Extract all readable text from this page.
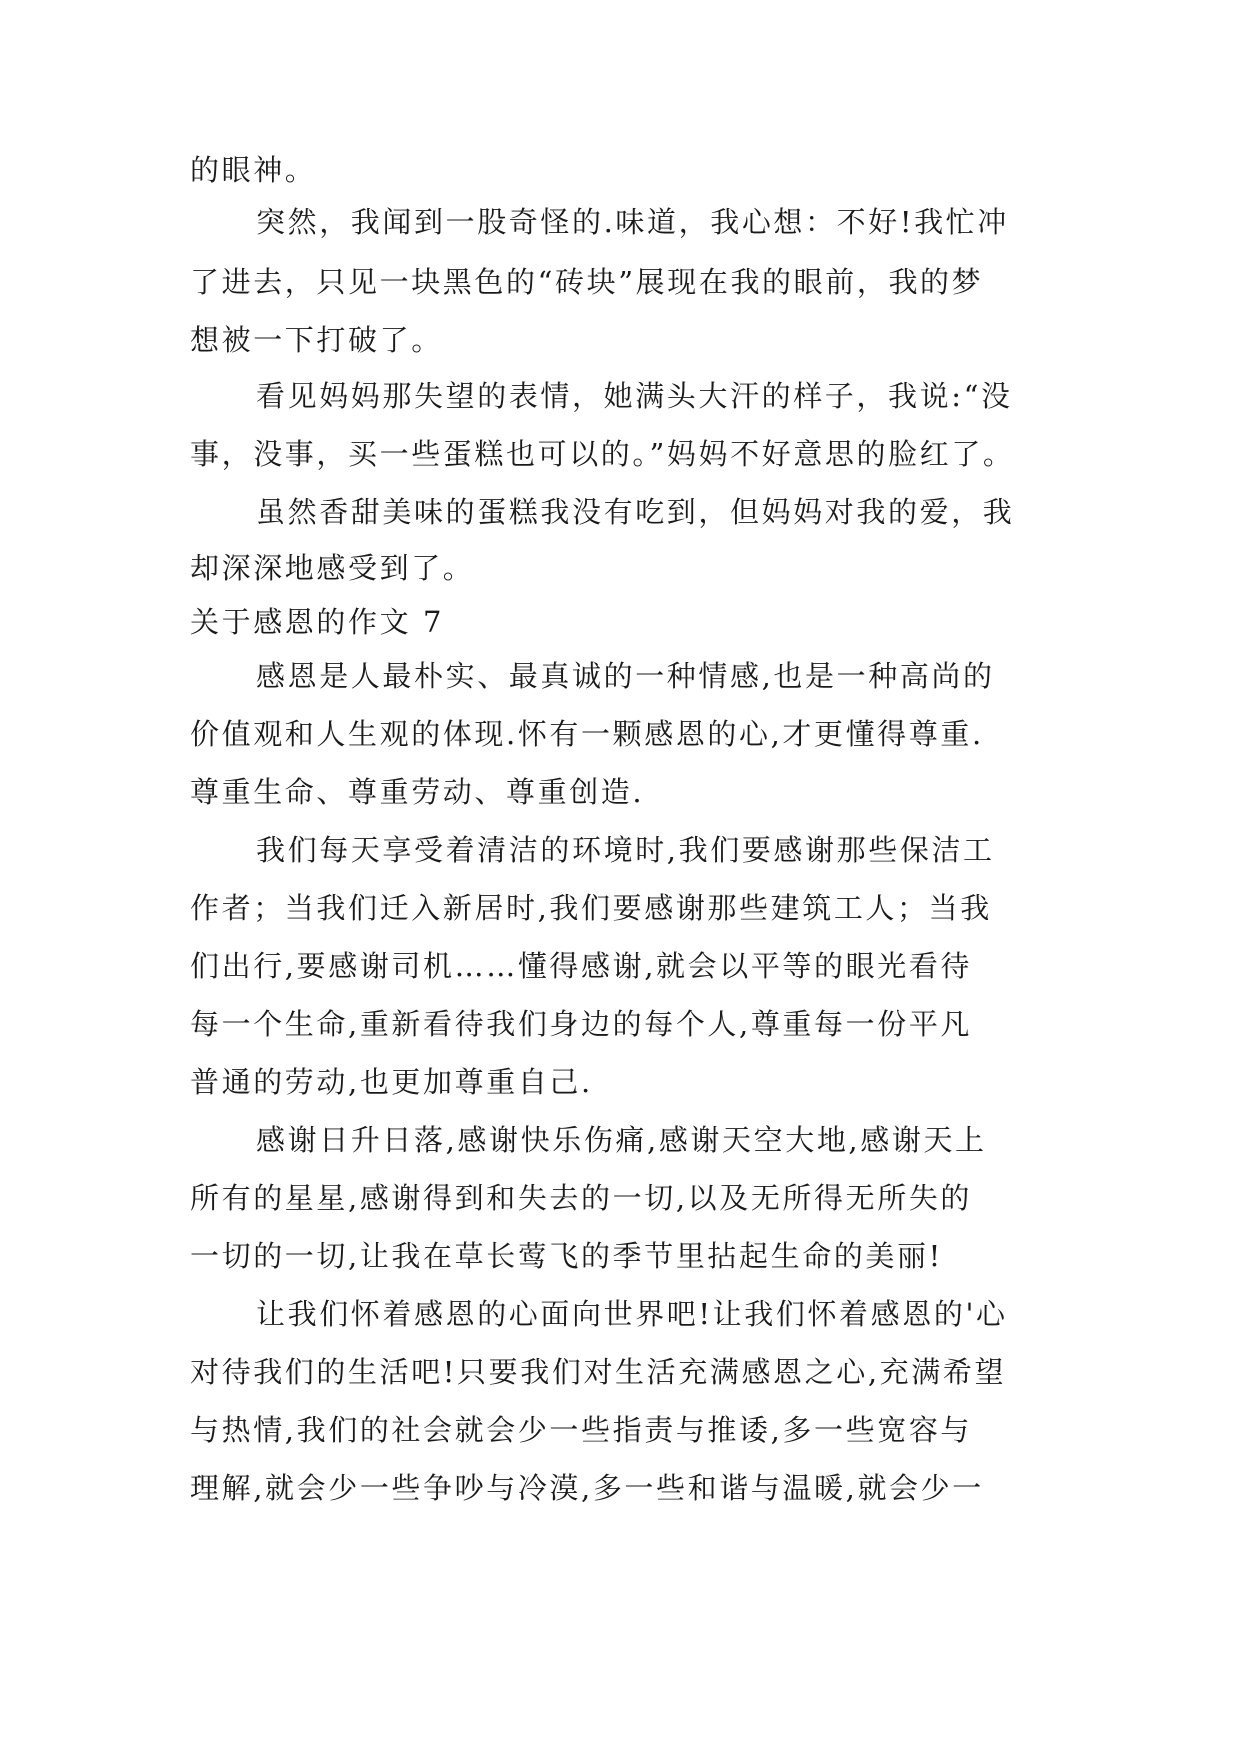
的眼神。
突然，我闻到一股奇怪的.味道，我心想：不好!我忙冲
了进去，只见一块黑色的“砖块”展现在我的眼前，我的梦
想被一下打破了。
看见妈妈那失望的表情，她满头大汗的样子，我说:“没
事，没事，买一些蛋糕也可以的。”妈妈不好意思的脸红了。
虽然香甜美味的蛋糕我没有吃到，但妈妈对我的爱，我
却深深地感受到了。
关于感恩的作文 7
感恩是人最朴实、最真诚的一种情感,也是一种高尚的
价值观和人生观的体现.怀有一颗感恩的心,才更懂得尊重.
尊重生命、尊重劳动、尊重创造.
我们每天享受着清洁的环境时,我们要感谢那些保洁工
作者；当我们迁入新居时,我们要感谢那些建筑工人；当我
们出行,要感谢司机……懂得感谢,就会以平等的眼光看待
每一个生命,重新看待我们身边的每个人,尊重每一份平凡
普通的劳动,也更加尊重自己.
感谢日升日落,感谢快乐伤痛,感谢天空大地,感谢天上
所有的星星,感谢得到和失去的一切,以及无所得无所失的
一切的一切,让我在草长莺飞的季节里拈起生命的美丽!
让我们怀着感恩的心面向世界吧!让我们怀着感恩的'心
对待我们的生活吧!只要我们对生活充满感恩之心,充满希望
与热情,我们的社会就会少一些指责与推诿,多一些宽容与
理解,就会少一些争吵与冷漠,多一些和谐与温暖,就会少一
